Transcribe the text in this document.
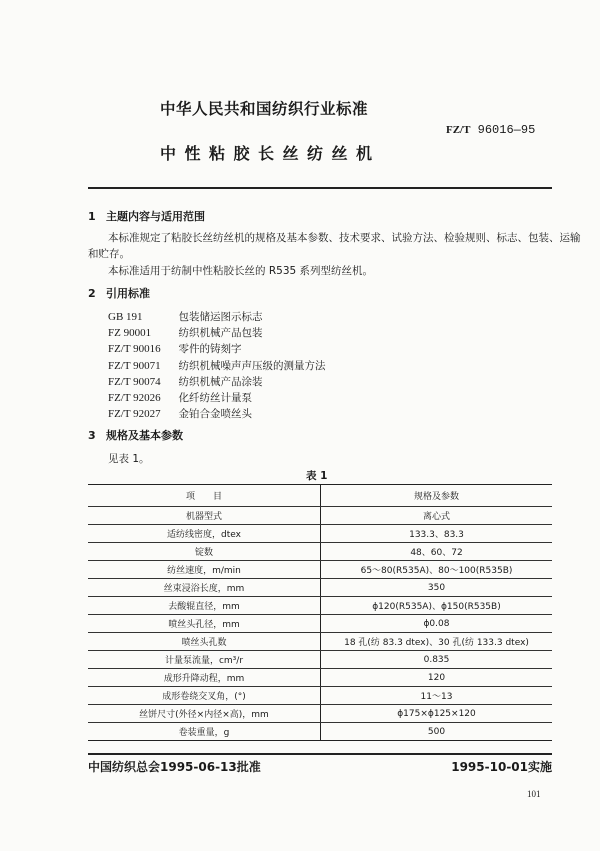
中华人民共和国纺织行业标准
FZ/T 96016—95
中性粘胶长丝纺丝机
1 主题内容与适用范围
本标准规定了粘胶长丝纺丝机的规格及基本参数、技术要求、试验方法、检验规则、标志、包装、运输
和贮存。
本标准适用于纺制中性粘胶长丝的 R535 系列型纺丝机。
2 引用标准
GB 191　	包装储运图示标志
FZ 90001　	纺织机械产品包装
FZ/T 90016　 零件的铸刻字
FZ/T 90071　 纺织机械噪声声压级的测量方法
FZ/T 90074　 纺织机械产品涂装
FZ/T 92026　 化纤纺丝计量泵
FZ/T 92027　 金铂合金喷丝头
3 规格及基本参数
见表 1。
表 1
项　　目	规格及参数
机器型式	离心式
适纺线密度，dtex	133.3、83.3
锭数	48、60、72
纺丝速度，m/min	65～80(R535A)、80～100(R535B)
丝束浸浴长度，mm	350
去酸辊直径，mm	ϕ120(R535A)、ϕ150(R535B)
喷丝头孔径，mm	ϕ0.08
喷丝头孔数	18 孔(纺 83.3 dtex)、30 孔(纺 133.3 dtex)
计量泵流量，cm³/r	0.835
成形升降动程，mm	120
成形卷绕交叉角，(°)	11～13
丝饼尺寸(外径×内径×高)，mm	ϕ175×ϕ125×120
卷装重量，g	500
中国纺织总会1995-06-13批准	1995-10-01实施
101
